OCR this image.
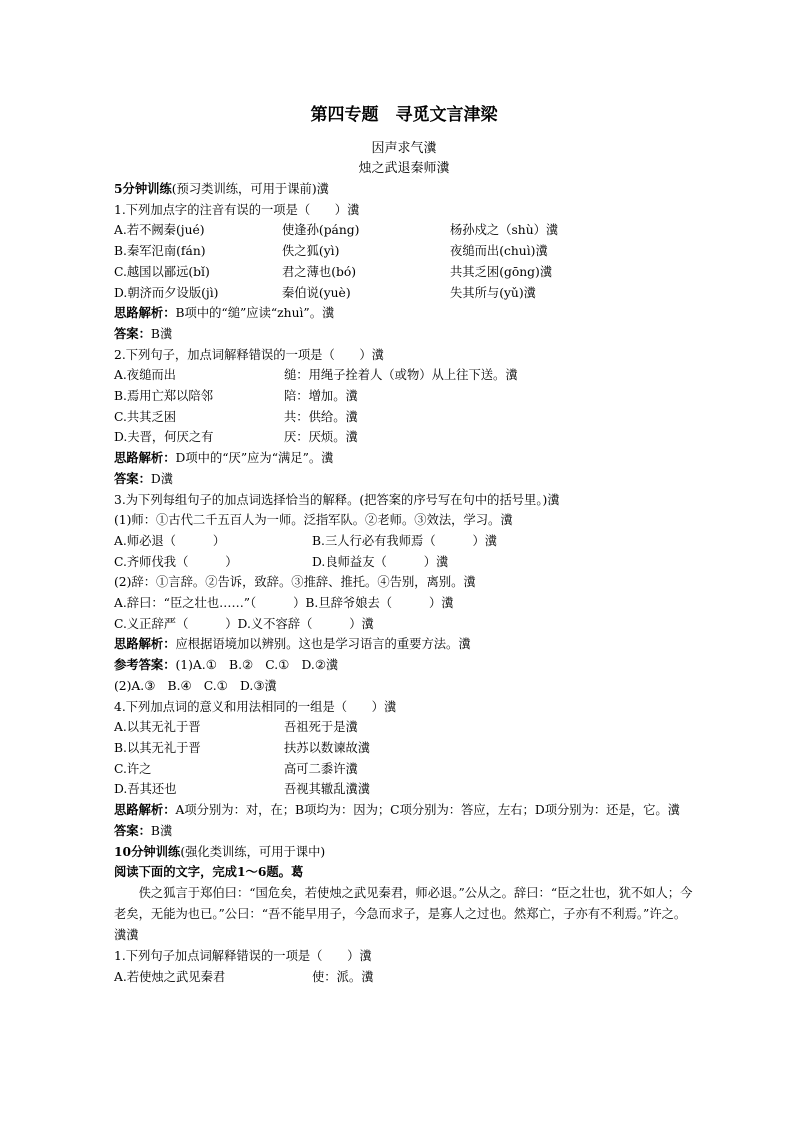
第四专题　寻觅文言津梁
因声求气瀵
烛之武退秦师瀵
5分钟训练(预习类训练，可用于课前)瀵
1.下列加点字的注音有误的一项是（　　）瀵
A.若不阙秦(jué)	使逢孙(páng)	杨孙戍之（shù）瀵
B.秦军氾南(fán)	佚之狐(yì)	夜缒而出(chuì)瀵
C.越国以鄙远(bǐ)	君之薄也(bó)	共其乏困(gōng)瀵
D.朝济而夕设版(jì)	秦伯说(yuè)	失其所与(yǔ)瀵
思路解析：B项中的“缒”应读“zhuì”。瀵
答案：B瀵
2.下列句子，加点词解释错误的一项是（　　）瀵
A.夜缒而出	缒：用绳子拴着人（或物）从上往下送。瀵
B.焉用亡郑以陪邻	陪：增加。瀵
C.共其乏困	共：供给。瀵
D.夫晋，何厌之有	厌：厌烦。瀵
思路解析：D项中的“厌”应为“满足”。瀵
答案：D瀵
3.为下列每组句子的加点词选择恰当的解释。(把答案的序号写在句中的括号里。)瀵
(1)师：①古代二千五百人为一师。泛指军队。②老师。③效法，学习。瀵
A.师必退（　　　）	B.三人行必有我师焉（　　　）瀵
C.齐师伐我（　　　）	D.良师益友（　　　）瀵
(2)辞：①言辞。②告诉，致辞。③推辞、推托。④告别，离别。瀵
A.辞曰：“臣之壮也……”（　　　）B.旦辞爷娘去（　　　）瀵
C.义正辞严（　　　）D.义不容辞（　　　）瀵
思路解析：应根据语境加以辨别。这也是学习语言的重要方法。瀵
参考答案：(1)A.①　B.②　C.①　D.②瀵
(2)A.③　B.④　C.①　D.③瀵
4.下列加点词的意义和用法相同的一组是（　　）瀵
A.以其无礼于晋	吾祖死于是瀵
B.以其无礼于晋	扶苏以数谏故瀵
C.许之	高可二黍许瀵
D.吾其还也	吾视其辙乱瀵瀵
思路解析：A项分别为：对，在；B项均为：因为；C项分别为：答应，左右；D项分别为：还是，它。瀵
答案：B瀵
10分钟训练(强化类训练，可用于课中)
阅读下面的文字，完成1～6题。葛
佚之狐言于郑伯曰：“国危矣，若使烛之武见秦君，师必退。”公从之。辞曰：“臣之壮也，犹不如人；今老矣，无能为也已。”公曰：“吾不能早用子，今急而求子，是寡人之过也。然郑亡，子亦有不利焉。”许之。瀵瀵
1.下列句子加点词解释错误的一项是（　　）瀵
A.若使烛之武见秦君	使：派。瀵
